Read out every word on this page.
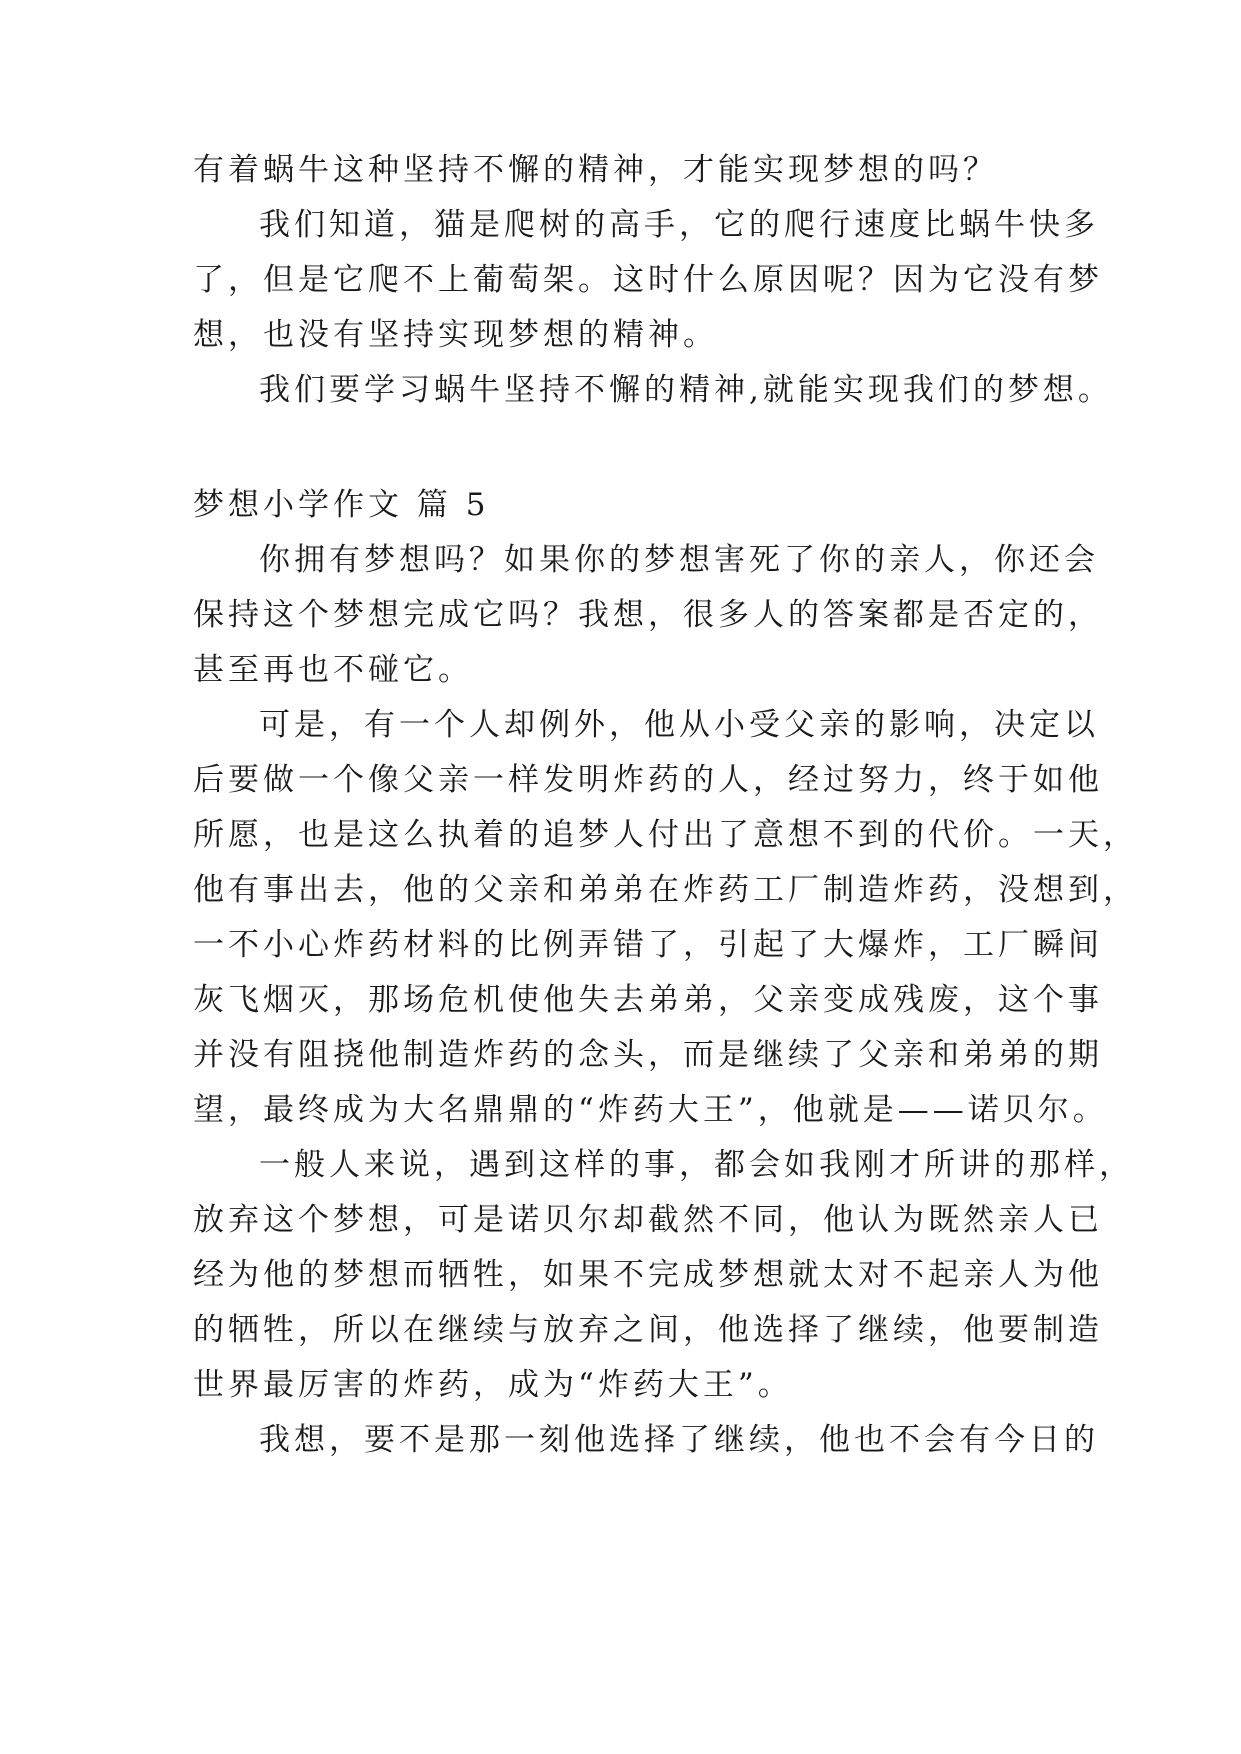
有着蜗牛这种坚持不懈的精神，才能实现梦想的吗？
我们知道，猫是爬树的高手，它的爬行速度比蜗牛快多
了，但是它爬不上葡萄架。这时什么原因呢？因为它没有梦
想，也没有坚持实现梦想的精神。
我们要学习蜗牛坚持不懈的精神,就能实现我们的梦想。
梦想小学作文 篇 5
你拥有梦想吗？如果你的梦想害死了你的亲人，你还会
保持这个梦想完成它吗？我想，很多人的答案都是否定的，
甚至再也不碰它。
可是，有一个人却例外，他从小受父亲的影响，决定以
后要做一个像父亲一样发明炸药的人，经过努力，终于如他
所愿，也是这么执着的追梦人付出了意想不到的代价。一天，
他有事出去，他的父亲和弟弟在炸药工厂制造炸药，没想到，
一不小心炸药材料的比例弄错了，引起了大爆炸，工厂瞬间
灰飞烟灭，那场危机使他失去弟弟，父亲变成残废，这个事
并没有阻挠他制造炸药的念头，而是继续了父亲和弟弟的期
望，最终成为大名鼎鼎的“炸药大王”，他就是——诺贝尔。
一般人来说，遇到这样的事，都会如我刚才所讲的那样，
放弃这个梦想，可是诺贝尔却截然不同，他认为既然亲人已
经为他的梦想而牺牲，如果不完成梦想就太对不起亲人为他
的牺牲，所以在继续与放弃之间，他选择了继续，他要制造
世界最厉害的炸药，成为“炸药大王”。
我想，要不是那一刻他选择了继续，他也不会有今日的
